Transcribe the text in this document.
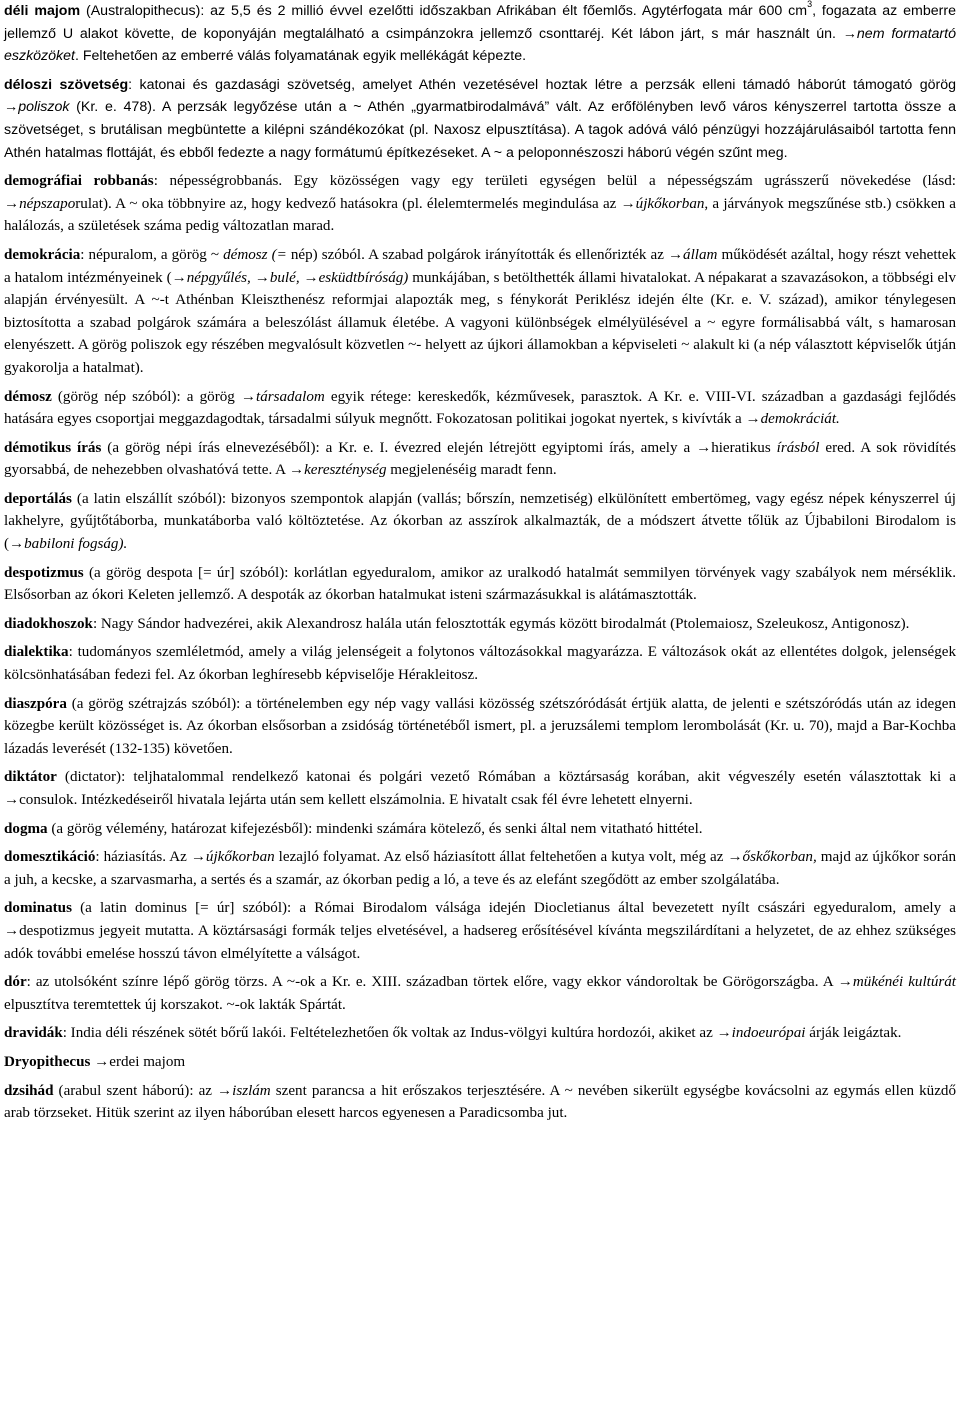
déli majom (Australopithecus): az 5,5 és 2 millió évvel ezelőtti időszakban Afrikában élt főemlős. Agytérfogata már 600 $cm^3$, fogazata az emberre jellemző U alakot követte, de koponyáján megtalálható a csimpánzokra jellemző csonttaréj. Két lábon járt, s már használt ún. →nem formatartó eszközöket. Feltehetően az emberré válás folyamatának egyik mellékágát képezte.

déloszi szövetség: katonai és gazdasági szövetség, amelyet Athén vezetésével hoztak létre a perzsák elleni támadó háborút támogató görög →poliszok (Kr. e. 478). A perzsák legyőzése után a ~ Athén „gyarmatbirodalmává” vált. Az erőfölényben levő város kényszerrel tartotta össze a szövetséget, s brutálisan megbüntette a kilépni szándékozókat (pl. Naxosz elpusztítása). A tagok adóvá váló pénzügyi hozzájárulásaiból tartotta fenn Athén hatalmas flottáját, és ebből fedezte a nagy formátumú építkezéseket. A ~ a peloponnészoszi háború végén szűnt meg.

demográfiai robbanás: népességrobbanás. Egy közösségen vagy egy területi egységen belül a népességszám ugrásszerű növekedése (lásd: →népszaporulat). A ~ oka többnyire az, hogy kedvező hatásokra (pl. élelemtermelés megindulása az →újkőkorban, a járványok megszűnése stb.) csökken a halálozás, a születések száma pedig változatlan marad.

demokrácia: népuralom, a görög ~ démosz (= nép) szóból. A szabad polgárok irányították és ellenőrizték az →állam működését azáltal, hogy részt vehettek a hatalom intézményeinek (→népgyűlés, →bulé, →esküdtbíróság) munkájában, s betölthették állami hivatalokat. A népakarat a szavazásokon, a többségi elv alapján érvényesült. A ~-t Athénban Kleiszthenész reformjai alapozták meg, s fénykorát Periklész idején élte (Kr. e. V. század), amikor ténylegesen biztosította a szabad polgárok számára a beleszólást államuk életébe. A vagyoni különbségek elmélyülésével a ~ egyre formálisabbá vált, s hamarosan elenyészett. A görög poliszok egy részében megvalósult közvetlen ~- helyett az újkori államokban a képviseleti ~ alakult ki (a nép választott képviselők útján gyakorolja a hatalmat).

démosz (görög nép szóból): a görög →társadalom egyik rétege: kereskedők, kézművesek, parasztok. A Kr. e. VIII-VI. században a gazdasági fejlődés hatására egyes csoportjai meggazdagodtak, társadalmi súlyuk megnőtt. Fokozatosan politikai jogokat nyertek, s kivívták a →demokráciát.

démotikus írás (a görög népi írás elnevezéséből): a Kr. e. I. évezred elején létrejött egyiptomi írás, amely a →hieratikus írásból ered. A sok rövidítés gyorsabbá, de nehezebben olvashatóvá tette. A →kereszténység megjelenéséig maradt fenn.

deportálás (a latin elszállít szóból): bizonyos szempontok alapján (vallás; bőrszín, nemzetiség) elkülönített embertömeg, vagy egész népek kényszerrel új lakhelyre, gyűjtőtáborba, munkatáborba való költöztetése. Az ókorban az asszírok alkalmazták, de a módszert átvette tőlük az Újbabiloni Birodalom is (→babiloni fogság).

despotizmus (a görög despota [= úr] szóból): korlátlan egyeduralom, amikor az uralkodó hatalmát semmilyen törvények vagy szabályok nem mérséklik. Elsősorban az ókori Keleten jellemző. A despoták az ókorban hatalmukat isteni származásukkal is alátámasztották.

diadokhoszok: Nagy Sándor hadvezérei, akik Alexandrosz halála után felosztották egymás között birodalmát (Ptolemaiosz, Szeleukosz, Antigonosz).

dialektika: tudományos szemléletmód, amely a világ jelenségeit a folytonos változásokkal magyarázza. E változások okát az ellentétes dolgok, jelenségek kölcsönhatásában fedezi fel. Az ókorban leghíresebb képviselője Hérakleitosz.

diaszpóra (a görög szétrajzás szóból): a történelemben egy nép vagy vallási közösség szétszóródását értjük alatta, de jelenti e szétszóródás után az idegen közegbe került közösséget is. Az ókorban elsősorban a zsidóság történetéből ismert, pl. a jeruzsálemi templom lerombolását (Kr. u. 70), majd a Bar-Kochba lázadás leverését (132-135) követően.

diktátor (dictator): teljhatalommal rendelkező katonai és polgári vezető Rómában a köztársaság korában, akit végveszély esetén választottak ki a →consulok. Intézkedéseiről hivatala lejárta után sem kellett elszámolnia. E hivatalt csak fél évre lehetett elnyerni.

dogma (a görög vélemény, határozat kifejezésből): mindenki számára kötelező, és senki által nem vitatható hittétel.

domesztikáció: háziasítás. Az →újkőkorban lezajló folyamat. Az első háziasított állat feltehetően a kutya volt, még az →őskőkorban, majd az újkőkor során a juh, a kecske, a szarvasmarha, a sertés és a szamár, az ókorban pedig a ló, a teve és az elefánt szegődött az ember szolgálatába.

dominatus (a latin dominus [= úr] szóból): a Római Birodalom válsága idején Diocletianus által bevezetett nyílt császári egyeduralom, amely a →despotizmus jegyeit mutatta. A köztársasági formák teljes elvetésével, a hadsereg erősítésével kívánta megszilárdítani a helyzetet, de az ehhez szükséges adók további emelése hosszú távon elmélyítette a válságot.

dór: az utolsóként színre lépő görög törzs. A ~-ok a Kr. e. XIII. században törtek előre, vagy ekkor vándoroltak be Görögországba. A →mükénéi kultúrát elpusztítva teremtettek új korszakot. ~-ok lakták Spártát.

dravidák: India déli részének sötét bőrű lakói. Feltételezhetően ők voltak az Indus-völgyi kultúra hordozói, akiket az →indoeurópai árják leigáztak.

Dryopithecus →erdei majom

dzsihád (arabul szent háború): az →iszlám szent parancsa a hit erőszakos terjesztésére. A ~ nevében sikerült egységbe kovácsolni az egymás ellen küzdő arab törzseket. Hitük szerint az ilyen háborúban elesett harcos egyenesen a Paradicsomba jut.
